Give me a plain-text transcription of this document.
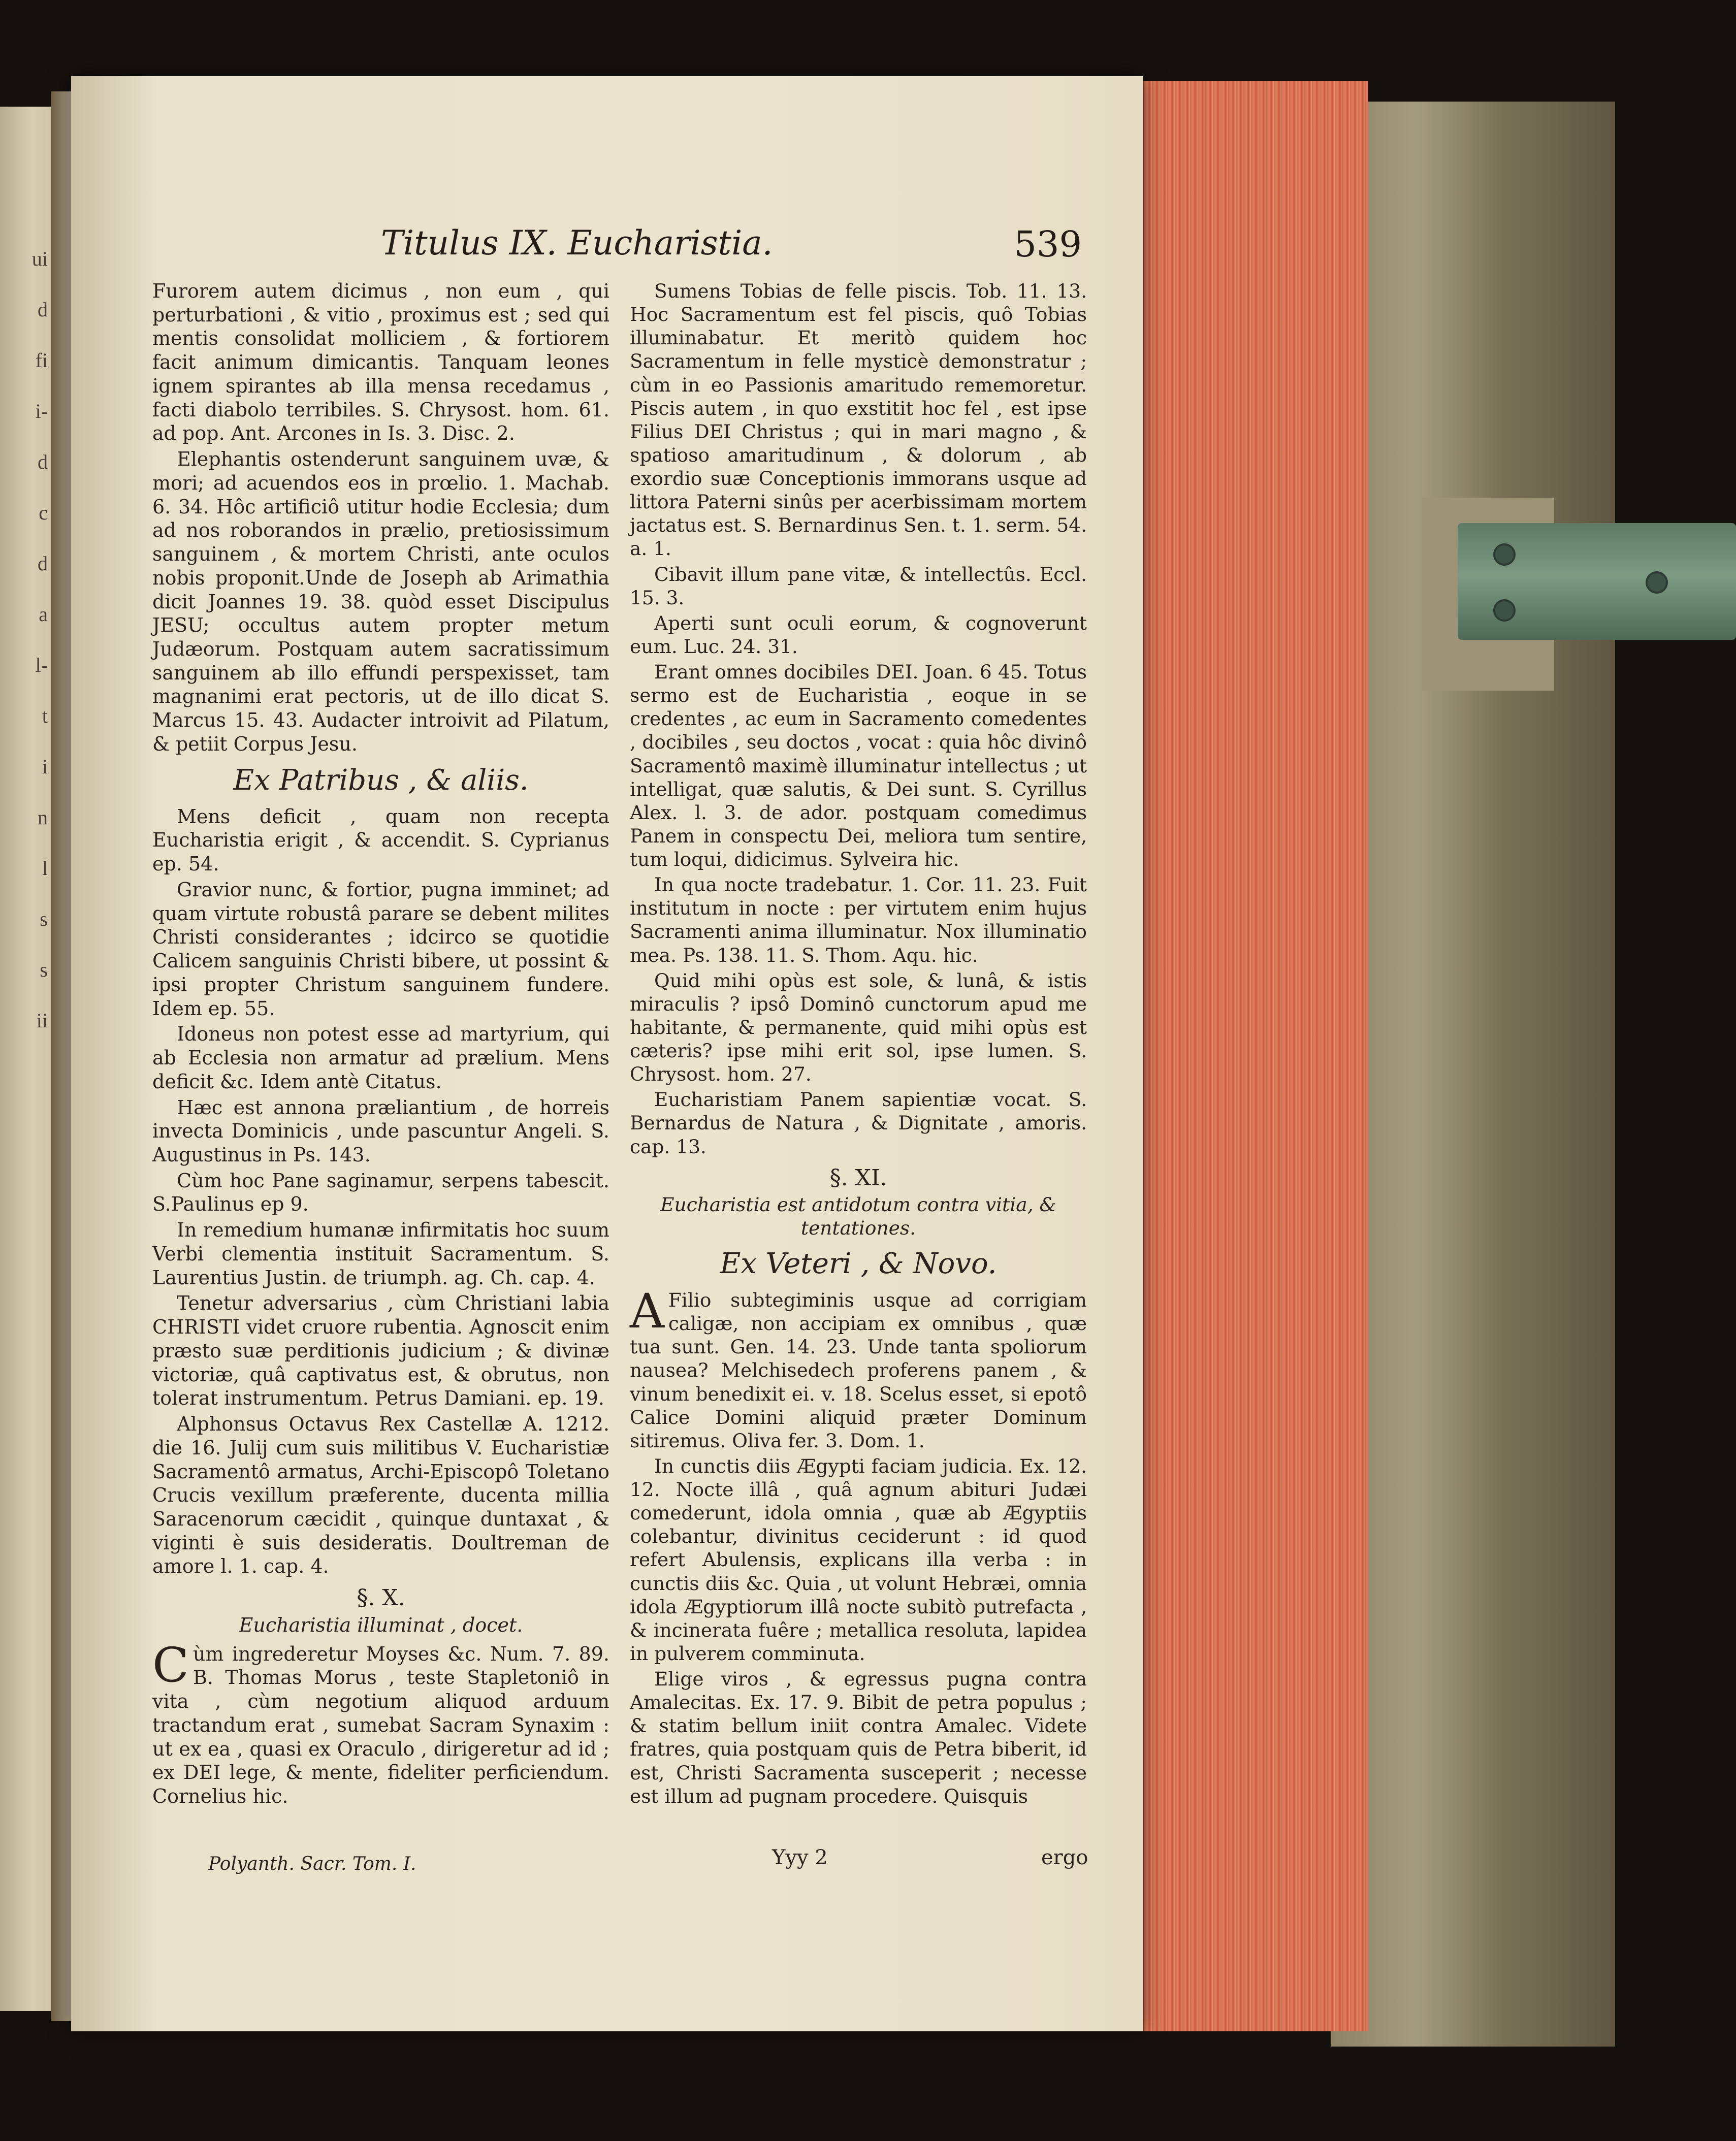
ui
d
fi
i-
d
c
d
a
l-
t
i
n
l
s
s
ii
Titulus IX. Eucharistia.	539

Furorem autem dicimus , non eum , qui perturbationi , & vitio , proximus est ; sed qui mentis consolidat molliciem , & fortiorem facit animum dimicantis. Tanquam leones ignem spirantes ab illa mensa recedamus , facti diabolo terribiles. S. Chrysost. hom. 61. ad pop. Ant. Arcones in Is. 3. Disc. 2.

Elephantis ostenderunt sanguinem uvæ, & mori; ad acuendos eos in prœlio. 1. Machab. 6. 34. Hôc artificiô utitur hodie Ecclesia; dum ad nos roborandos in prælio, pretiosissimum sanguinem , & mortem Christi, ante oculos nobis proponit.Unde de Joseph ab Arimathia dicit Joannes 19. 38. quòd esset Discipulus JESU; occultus autem propter metum Judæorum. Postquam autem sacratissimum sanguinem ab illo effundi perspexisset, tam magnanimi erat pectoris, ut de illo dicat S. Marcus 15. 43. Audacter introivit ad Pilatum, & petiit Corpus Jesu.

Ex Patribus , & aliis.

Mens deficit , quam non recepta Eucharistia erigit , & accendit. S. Cyprianus ep. 54.

Gravior nunc, & fortior, pugna imminet; ad quam virtute robustâ parare se debent milites Christi considerantes ; idcirco se quotidie Calicem sanguinis Christi bibere, ut possint & ipsi propter Christum sanguinem fundere. Idem ep. 55.

Idoneus non potest esse ad martyrium, qui ab Ecclesia non armatur ad prælium. Mens deficit &c. Idem antè Citatus.

Hæc est annona præliantium , de horreis invecta Dominicis , unde pascuntur Angeli. S. Augustinus in Ps. 143.

Cùm hoc Pane saginamur, serpens tabescit. S.Paulinus ep 9.

In remedium humanæ infirmitatis hoc suum Verbi clementia instituit Sacramentum. S. Laurentius Justin. de triumph. ag. Ch. cap. 4.

Tenetur adversarius , cùm Christiani labia CHRISTI videt cruore rubentia. Agnoscit enim præsto suæ perditionis judicium ; & divinæ victoriæ, quâ captivatus est, & obrutus, non tolerat instrumentum. Petrus Damiani. ep. 19.

Alphonsus Octavus Rex Castellæ A. 1212. die 16. Julij cum suis militibus V. Eucharistiæ Sacramentô armatus, Archi-Episcopô Toletano Crucis vexillum præferente, ducenta millia Saracenorum cæcidit , quinque duntaxat , & viginti è suis desideratis. Doultreman de amore l. 1. cap. 4.

§. X.

Eucharistia illuminat , docet.

Cùm ingrederetur Moyses &c. Num. 7. 89. B. Thomas Morus , teste Stapletoniô in vita , cùm negotium aliquod arduum tractandum erat , sumebat Sacram Synaxim : ut ex ea , quasi ex Oraculo , dirigeretur ad id ; ex DEI lege, & mente, fideliter perficiendum. Cornelius hic.

Sumens Tobias de felle piscis. Tob. 11. 13. Hoc Sacramentum est fel piscis, quô Tobias illuminabatur. Et meritò quidem hoc Sacramentum in felle mysticè demonstratur ; cùm in eo Passionis amaritudo rememoretur. Piscis autem , in quo exstitit hoc fel , est ipse Filius DEI Christus ; qui in mari magno , & spatioso amaritudinum , & dolorum , ab exordio suæ Conceptionis immorans usque ad littora Paterni sinûs per acerbissimam mortem jactatus est. S. Bernardinus Sen. t. 1. serm. 54. a. 1.

Cibavit illum pane vitæ, & intellectûs. Eccl. 15. 3.

Aperti sunt oculi eorum, & cognoverunt eum. Luc. 24. 31.

Erant omnes docibiles DEI. Joan. 6 45. Totus sermo est de Eucharistia , eoque in se credentes , ac eum in Sacramento comedentes , docibiles , seu doctos , vocat : quia hôc divinô Sacramentô maximè illuminatur intellectus ; ut intelligat, quæ salutis, & Dei sunt. S. Cyrillus Alex. l. 3. de ador. postquam comedimus Panem in conspectu Dei, meliora tum sentire, tum loqui, didicimus. Sylveira hic.

In qua nocte tradebatur. 1. Cor. 11. 23. Fuit institutum in nocte : per virtutem enim hujus Sacramenti anima illuminatur. Nox illuminatio mea. Ps. 138. 11. S. Thom. Aqu. hic.

Quid mihi opùs est sole, & lunâ, & istis miraculis ? ipsô Dominô cunctorum apud me habitante, & permanente, quid mihi opùs est cæteris? ipse mihi erit sol, ipse lumen. S. Chrysost. hom. 27.

Eucharistiam Panem sapientiæ vocat. S. Bernardus de Natura , & Dignitate , amoris. cap. 13.

§. XI.

Eucharistia est antidotum contra vitia, & tentationes.

Ex Veteri , & Novo.

A Filio subtegiminis usque ad corrigiam caligæ, non accipiam ex omnibus , quæ tua sunt. Gen. 14. 23. Unde tanta spoliorum nausea? Melchisedech proferens panem , & vinum benedixit ei. v. 18. Scelus esset, si epotô Calice Domini aliquid præter Dominum sitiremus. Oliva fer. 3. Dom. 1.

In cunctis diis Ægypti faciam judicia. Ex. 12. 12. Nocte illâ , quâ agnum abituri Judæi comederunt, idola omnia , quæ ab Ægyptiis colebantur, divinitus ceciderunt : id quod refert Abulensis, explicans illa verba : in cunctis diis &c. Quia , ut volunt Hebræi, omnia idola Ægyptiorum illâ nocte subitò putrefacta , & incinerata fuêre ; metallica resoluta, lapidea in pulverem comminuta.

Elige viros , & egressus pugna contra Amalecitas. Ex. 17. 9. Bibit de petra populus ; & statim bellum iniit contra Amalec. Videte fratres, quia postquam quis de Petra biberit, id est, Christi Sacramenta susceperit ; necesse est illum ad pugnam procedere. Quisquis

Polyanth. Sacr. Tom. I.	Yyy 2	ergo
